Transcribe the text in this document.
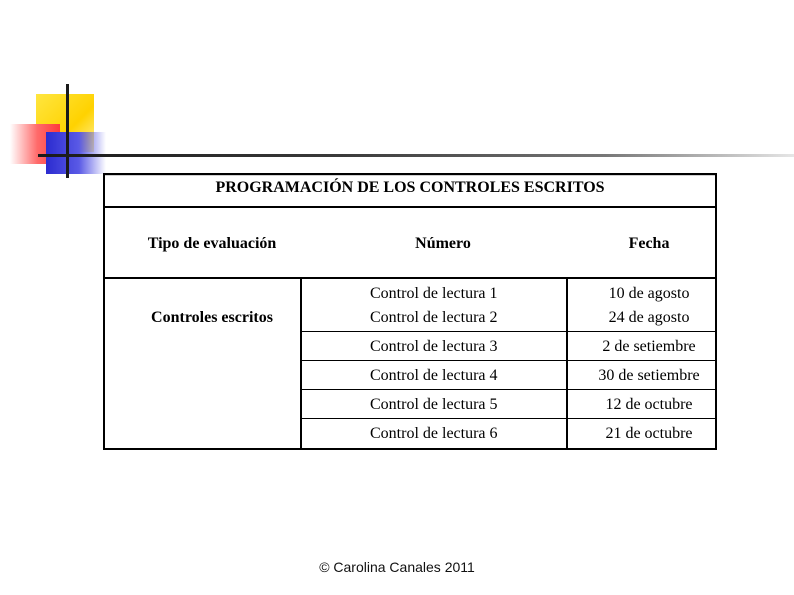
PROGRAMACIÓN DE LOS CONTROLES ESCRITOS
Tipo de evaluación	Número	Fecha
Controles escritos
Control de lectura 1	10 de agosto
Control de lectura 2	24 de agosto
Control de lectura 3	2 de setiembre
Control de lectura 4	30 de setiembre
Control de lectura 5	12 de octubre
Control de lectura 6	21 de octubre
© Carolina Canales 2011
